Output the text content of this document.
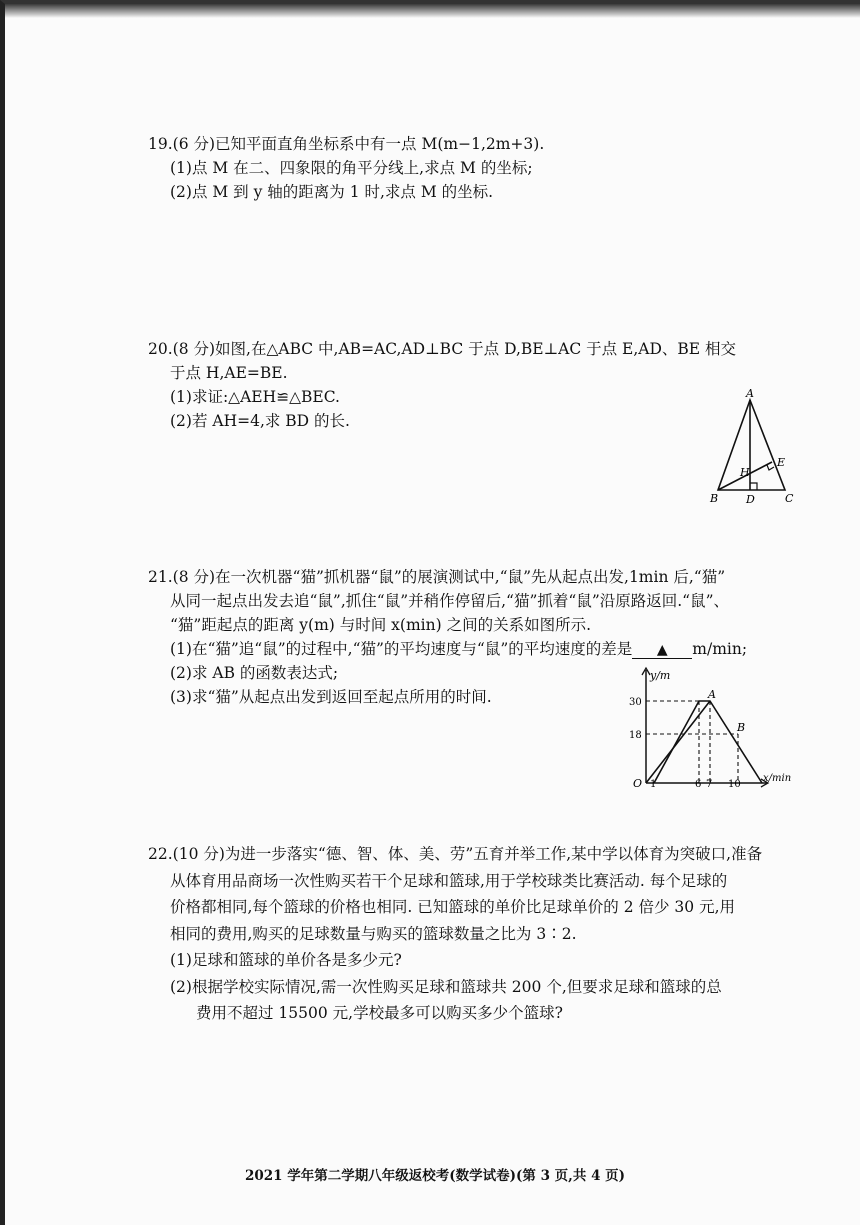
19.(6 分)已知平面直角坐标系中有一点 M(m−1,2m+3).
(1)点 M 在二、四象限的角平分线上,求点 M 的坐标;
(2)点 M 到 y 轴的距离为 1 时,求点 M 的坐标.
20.(8 分)如图,在△ABC 中,AB=AC,AD⊥BC 于点 D,BE⊥AC 于点 E,AD、BE 相交
于点 H,AE=BE.
(1)求证:△AEH≌△BEC.
(2)若 AH=4,求 BD 的长.
A
B	D	C
E
H
21.(8 分)在一次机器“猫”抓机器“鼠”的展演测试中,“鼠”先从起点出发,1min 后,“猫”
从同一起点出发去追“鼠”,抓住“鼠”并稍作停留后,“猫”抓着“鼠”沿原路返回.“鼠”、
“猫”距起点的距离 y(m) 与时间 x(min) 之间的关系如图所示.
(1)在“猫”追“鼠”的过程中,“猫”的平均速度与“鼠”的平均速度的差是 ▲ m/min;
(2)求 AB 的函数表达式;
(3)求“猫”从起点出发到返回至起点所用的时间.
y/m
x/min
O 1	6 7 10
30
18
A
B
22.(10 分)为进一步落实“德、智、体、美、劳”五育并举工作,某中学以体育为突破口,准备
从体育用品商场一次性购买若干个足球和篮球,用于学校球类比赛活动. 每个足球的
价格都相同,每个篮球的价格也相同. 已知篮球的单价比足球单价的 2 倍少 30 元,用
相同的费用,购买的足球数量与购买的篮球数量之比为 3∶2.
(1)足球和篮球的单价各是多少元?
(2)根据学校实际情况,需一次性购买足球和篮球共 200 个,但要求足球和篮球的总
费用不超过 15500 元,学校最多可以购买多少个篮球?
2021 学年第二学期八年级返校考(数学试卷)(第 3 页,共 4 页)
